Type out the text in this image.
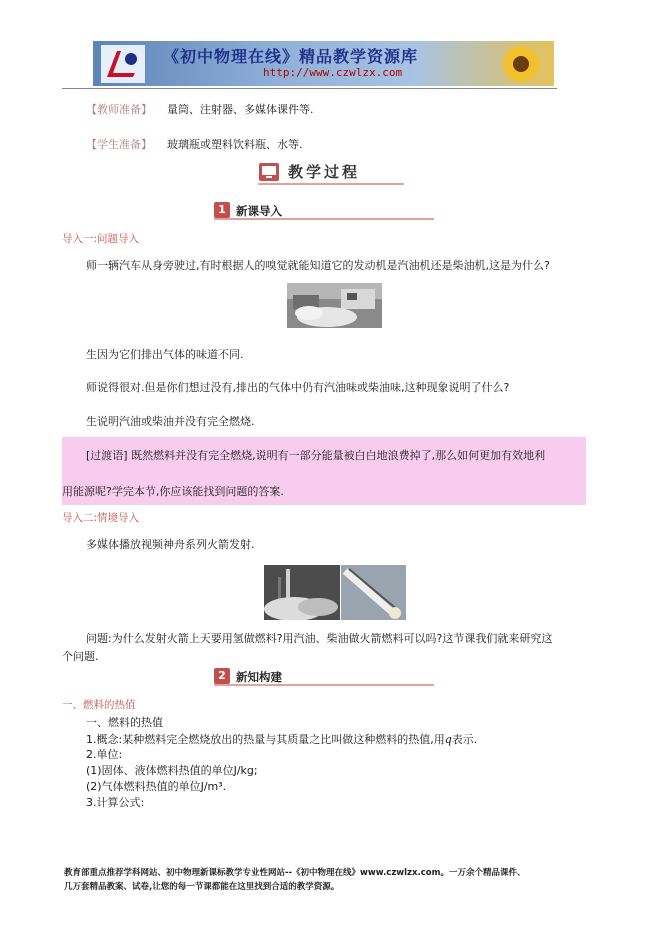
《初中物理在线》精品教学资源库
http://www.czwlzx.com
【教师准备】 量筒、注射器、多媒体课件等.
【学生准备】 玻璃瓶或塑料饮料瓶、水等.
教学过程
1 新课导入
导入一:问题导入
师一辆汽车从身旁驶过,有时根据人的嗅觉就能知道它的发动机是汽油机还是柴油机,这是为什么?
生因为它们排出气体的味道不同.
师说得很对.但是你们想过没有,排出的气体中仍有汽油味或柴油味,这种现象说明了什么?
生说明汽油或柴油并没有完全燃烧.
[过渡语] 既然燃料并没有完全燃烧,说明有一部分能量被白白地浪费掉了,那么如何更加有效地利
用能源呢?学完本节,你应该能找到问题的答案.
导入二:情境导入
多媒体播放视频神舟系列火箭发射.
问题:为什么发射火箭上天要用氢做燃料?用汽油、柴油做火箭燃料可以吗?这节课我们就来研究这
个问题.
2 新知构建
一、燃料的热值
一、燃料的热值
1.概念:某种燃料完全燃烧放出的热量与其质量之比叫做这种燃料的热值,用q表示.
2.单位:
(1)固体、液体燃料热值的单位J/kg;
(2)气体燃料热值的单位J/m³.
3.计算公式:
教育部重点推荐学科网站、初中物理新课标教学专业性网站--《初中物理在线》www.czwlzx.com。一万余个精品课件、
几万套精品教案、试卷,让您的每一节课都能在这里找到合适的教学资源。
